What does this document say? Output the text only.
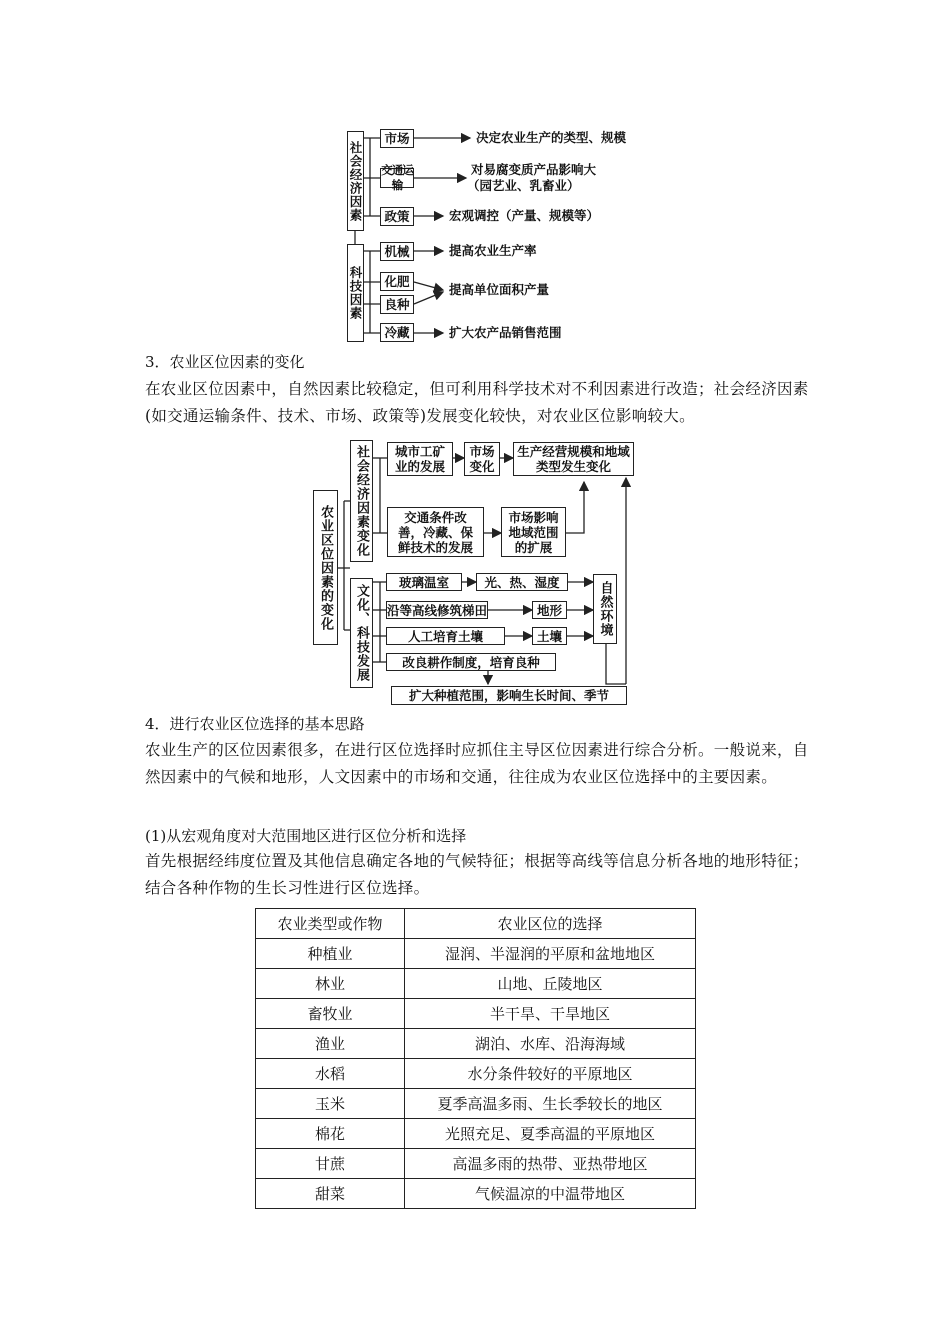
社会经济因素
科技因素
市场
交通运输
政策
机械
化肥
良种
冷藏
决定农业生产的类型、规模
对易腐变质产品影响大
（园艺业、乳畜业）
宏观调控（产量、规模等）
提高农业生产率
提高单位面积产量
扩大农产品销售范围
3．农业区位因素的变化
在农业区位因素中，自然因素比较稳定，但可利用科学技术对不利因素进行改造；社会经济因素(如交通运输条件、技术、市场、政策等)发展变化较快，对农业区位影响较大。
农业区位因素的变化
社会经济因素变化
文化、科技发展
城市工矿业的发展
市场变化
生产经营规模和地域类型发生变化
交通条件改善，冷藏、保鲜技术的发展
市场影响地域范围的扩展
玻璃温室	光、热、湿度
沿等高线修筑梯田	地形
人工培育土壤	土壤	自然环境
改良耕作制度，培育良种
扩大种植范围，影响生长时间、季节
4．进行农业区位选择的基本思路
农业生产的区位因素很多，在进行区位选择时应抓住主导区位因素进行综合分析。一般说来，自然因素中的气候和地形，人文因素中的市场和交通，往往成为农业区位选择中的主要因素。
(1)从宏观角度对大范围地区进行区位分析和选择
首先根据经纬度位置及其他信息确定各地的气候特征；根据等高线等信息分析各地的地形特征；结合各种作物的生长习性进行区位选择。
农业类型或作物	农业区位的选择
种植业	湿润、半湿润的平原和盆地地区
林业	山地、丘陵地区
畜牧业	半干旱、干旱地区
渔业	湖泊、水库、沿海海域
水稻	水分条件较好的平原地区
玉米	夏季高温多雨、生长季较长的地区
棉花	光照充足、夏季高温的平原地区
甘蔗	高温多雨的热带、亚热带地区
甜菜	气候温凉的中温带地区
